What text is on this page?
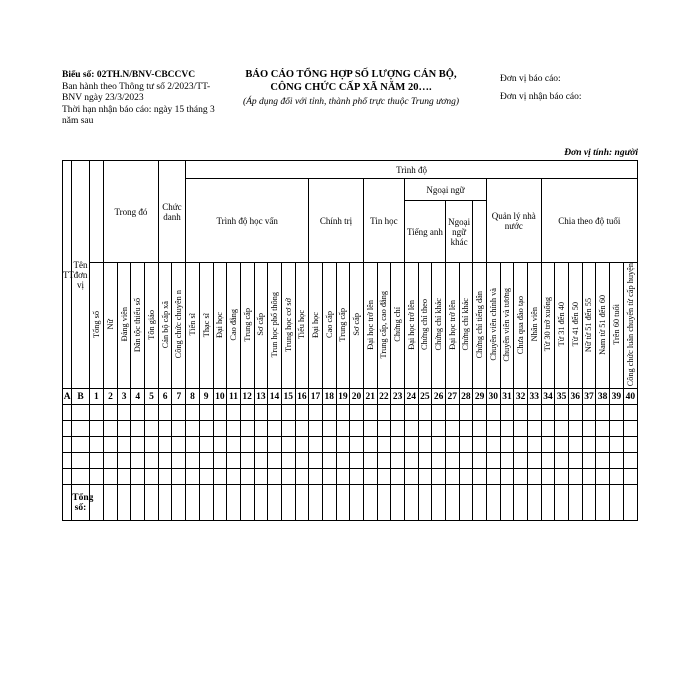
Biểu số: 02TH.N/BNV-CBCCVC
Ban hành theo Thông tư số 2/2023/TT-BNV ngày 23/3/2023
Thời hạn nhận báo cáo: ngày 15 tháng 3 năm sau
BÁO CÁO TỔNG HỢP SỐ LƯỢNG CÁN BỘ, CÔNG CHỨC CẤP XÃ NĂM 20….
(Áp dụng đối với tỉnh, thành phố trực thuộc Trung ương)
Đơn vị báo cáo:
Đơn vị nhận báo cáo:
Đơn vị tính: người
TT	Tên đơn vị		Trong đó				Chức danh		Trình độ																																
									Trình độ học vấn									Chính trị				Tin học			Ngoại ngữ						Quản lý nhà nước				Chia theo độ tuổi						
																									Tiếng anh			Ngoại ngữ khác													

		Tổng số	Nữ	Đảng viên	Dân tộc thiểu số	Tôn giáo	Cán bộ cấp xã	Công chức chuyên n	Tiến sĩ	Thạc sĩ	Đại học	Cao đẳng	Trung cấp	Sơ cấp	Trun học phổ thông	Trung học cơ sở	Tiểu học	Đại học	Cao cấp	Trung cấp	Sơ cấp	Đại học trở lên	Trung cấp, cao đẳng	Chứng chỉ	Đại học trở lên	Chứng chỉ theo	Chứng chỉ khác	Đại học trở lên	Chứng chỉ khác	Chứng chỉ tiếng dân	Chuyên viên chính và	Chuyên viên và tương	Chưa qua đào tạo	Nhân viên	Từ 30 trở xuống	Từ 31 đến 40	Từ 41 đến 50	Nữ từ 51 đến 55	Nam từ 51 đến 60	Trên 60 tuổi	Công chức luân chuyển từ cấp huyện
A	B	1	2	3	4	5	6	7	8	9	10	11	12	13	14	15	16	17	18	19	20	21	22	23	24	25	26	27	28	29	30	31	32	33	34	35	36	37	38	39	40

	Tổng số:																																								
